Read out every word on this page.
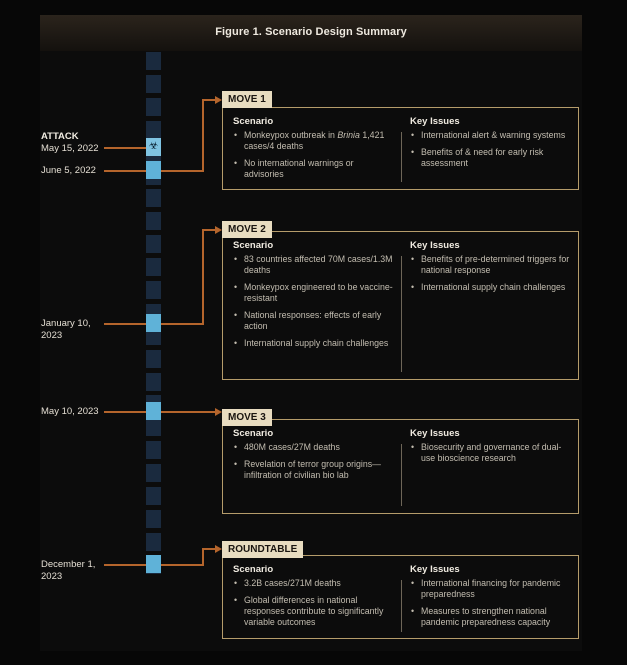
Figure 1. Scenario Design Summary
ATTACK
May 15, 2022
June 5, 2022
January 10,
2023
May 10, 2023
December 1,
2023
☣
Scenario
• Monkeypox outbreak in Brinia 1,421 cases/4 deaths
• No international warnings or advisories
Key Issues
• International alert & warning systems
• Benefits of & need for early risk assessment
MOVE 1
Scenario
• 83 countries affected 70M cases/1.3M deaths
• Monkeypox engineered to be vaccine-resistant
• National responses: effects of early action
• International supply chain challenges
Key Issues
• Benefits of pre-determined triggers for national response
• International supply chain challenges
MOVE 2
Scenario
• 480M cases/27M deaths
• Revelation of terror group origins—infiltration of civilian bio lab
Key Issues
• Biosecurity and governance of dual-use bioscience research
MOVE 3
Scenario
• 3.2B cases/271M deaths
• Global differences in national responses contribute to significantly variable outcomes
Key Issues
• International financing for pandemic preparedness
• Measures to strengthen national pandemic preparedness capacity
ROUNDTABLE
